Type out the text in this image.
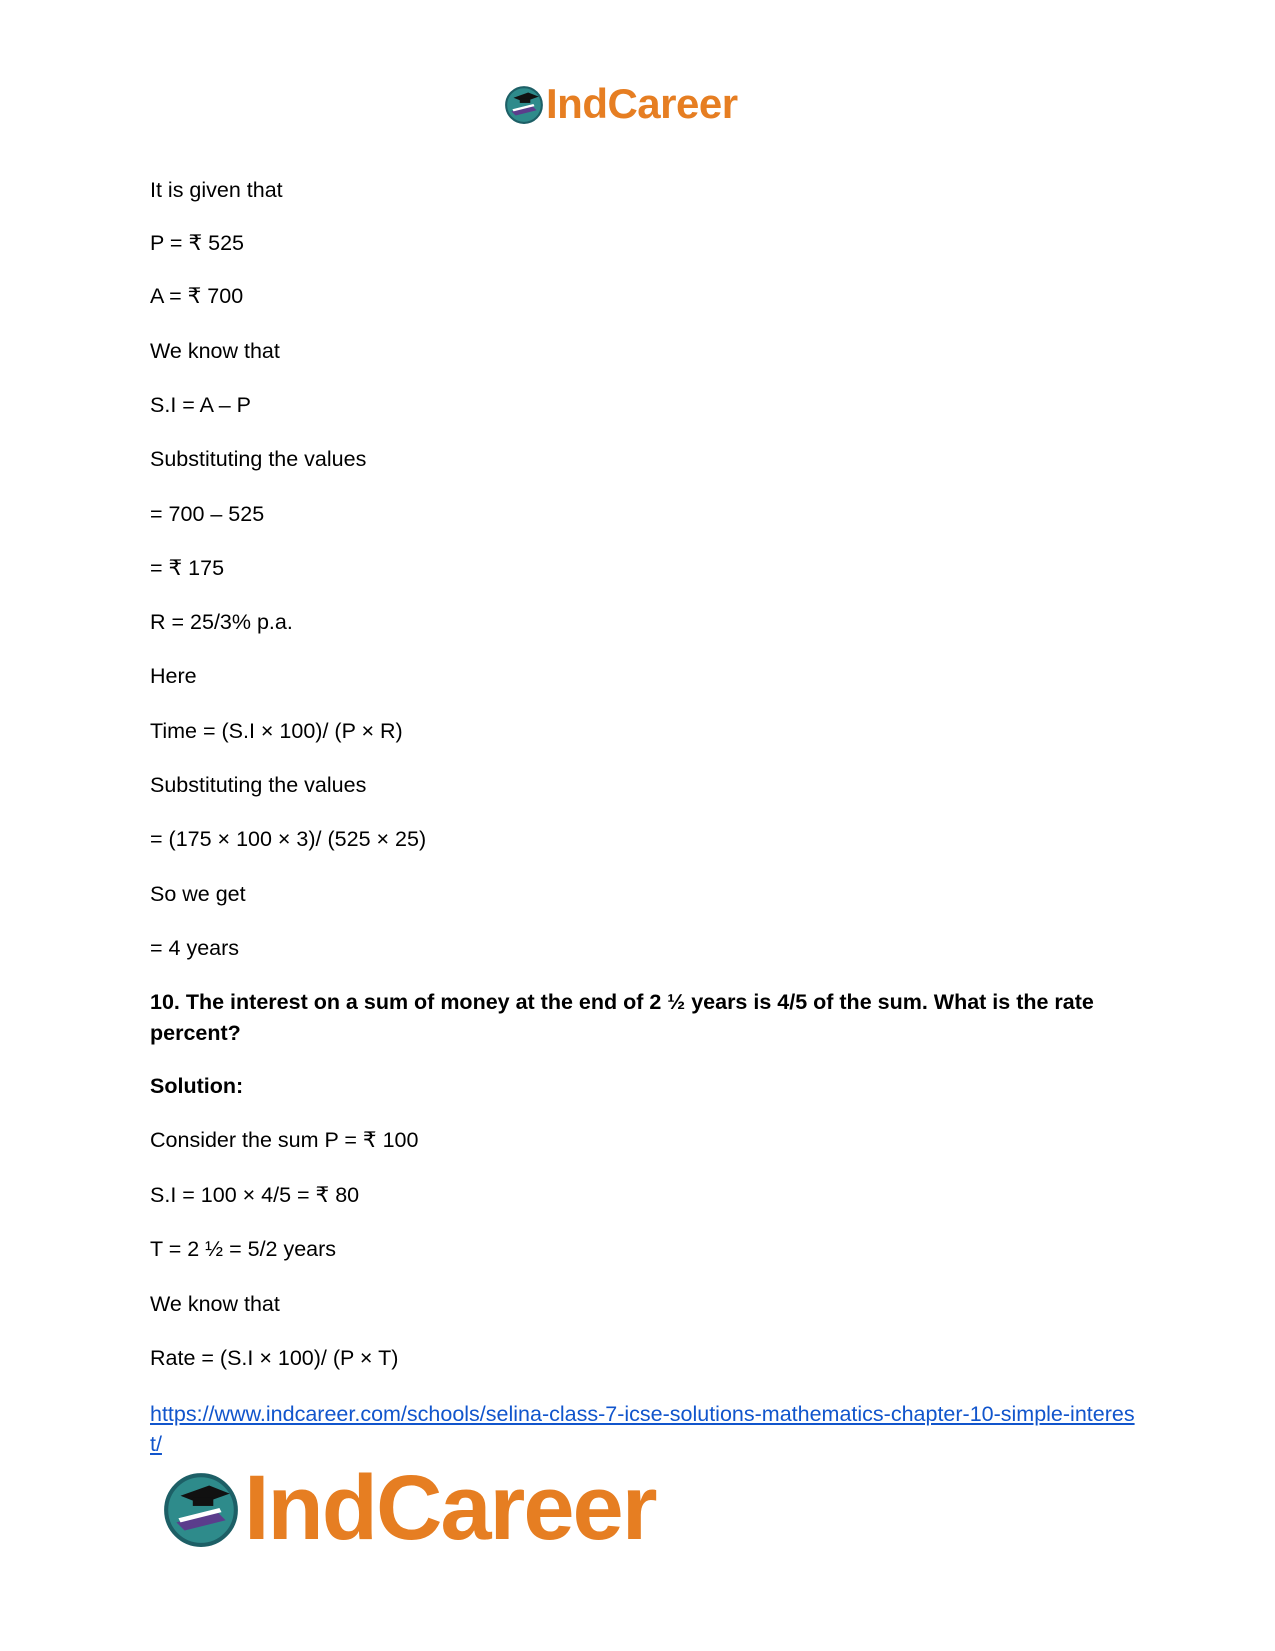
IndCareer
It is given that
P = ₹ 525
A = ₹ 700
We know that
S.I = A – P
Substituting the values
= 700 – 525
= ₹ 175
R = 25/3% p.a.
Here
Time = (S.I × 100)/ (P × R)
Substituting the values
= (175 × 100 × 3)/ (525 × 25)
So we get
= 4 years
10. The interest on a sum of money at the end of 2 ½ years is 4/5 of the sum. What is the rate percent?
Solution:
Consider the sum P = ₹ 100
S.I = 100 × 4/5 = ₹ 80
T = 2 ½ = 5/2 years
We know that
Rate = (S.I × 100)/ (P × T)
https://www.indcareer.com/schools/selina-class-7-icse-solutions-mathematics-chapter-10-simple-interest/
IndCareer
